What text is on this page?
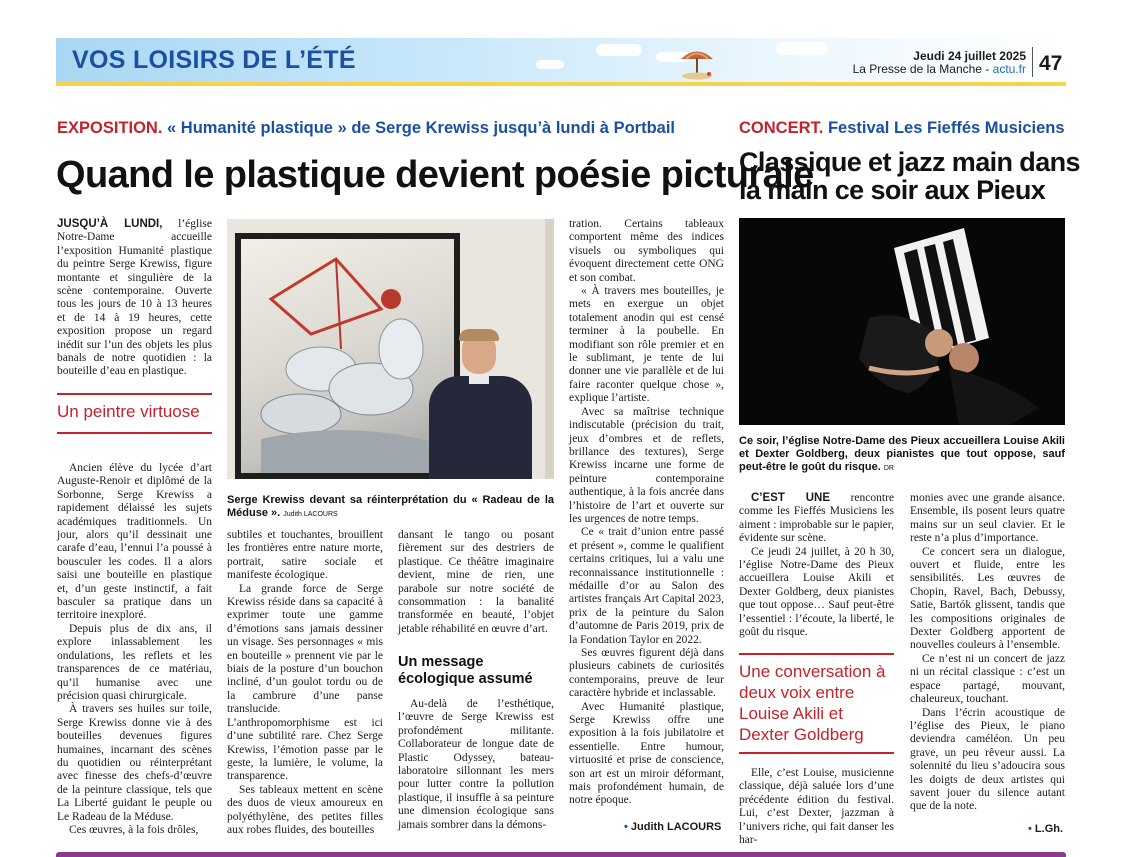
VOS LOISIRS DE L’ÉTÉ	Jeudi 24 juillet 2025
La Presse de la Manche - actu.fr 47
EXPOSITION. « Humanité plastique » de Serge Krewiss jusqu’à lundi à Portbail
Quand le plastique devient poésie picturale

JUSQU’À LUNDI, l’église Notre-Dame accueille l’exposition Humanité plastique du peintre Serge Krewiss, figure montante et singulière de la scène contemporaine. Ouverte tous les jours de 10 à 13 heures et de 14 à 19 heures, cette exposition propose un regard inédit sur l’un des objets les plus banals de notre quotidien : la bouteille d’eau en plastique.

Un peintre virtuose

Ancien élève du lycée d’art Auguste-Renoir et diplômé de la Sorbonne, Serge Krewiss a rapidement délaissé les sujets académiques traditionnels. Un jour, alors qu’il dessinait une carafe d’eau, l’ennui l’a poussé à bousculer les codes. Il a alors saisi une bouteille en plastique et, d’un geste instinctif, a fait basculer sa pratique dans un territoire inexploré.

Depuis plus de dix ans, il explore inlassablement les ondulations, les reflets et les transparences de ce matériau, qu’il humanise avec une précision quasi chirurgicale.

À travers ses huiles sur toile, Serge Krewiss donne vie à des bouteilles devenues figures humaines, incarnant des scènes du quotidien ou réinterprétant avec finesse des chefs-d’œuvre de la peinture classique, tels que La Liberté guidant le peuple ou Le Radeau de la Méduse.

Ces œuvres, à la fois drôles,

Serge Krewiss devant sa réinterprétation du « Radeau de la Méduse ». Judith LACOURS

subtiles et touchantes, brouillent les frontières entre nature morte, portrait, satire sociale et manifeste écologique.

La grande force de Serge Krewiss réside dans sa capacité à exprimer toute une gamme d’émotions sans jamais dessiner un visage. Ses personnages « mis en bouteille » prennent vie par le biais de la posture d’un bouchon incliné, d’un goulot tordu ou de la cambrure d’une panse translucide. L’anthropomorphisme est ici d’une subtilité rare. Chez Serge Krewiss, l’émotion passe par le geste, la lumière, le volume, la transparence.

Ses tableaux mettent en scène des duos de vieux amoureux en polyéthylène, des petites filles aux robes fluides, des bouteilles

dansant le tango ou posant fièrement sur des destriers de plastique. Ce théâtre imaginaire devient, mine de rien, une parabole sur notre société de consommation : la banalité transformée en beauté, l’objet jetable réhabilité en œuvre d’art.

Un message écologique assumé

Au-delà de l’esthétique, l’œuvre de Serge Krewiss est profondément militante. Collaborateur de longue date de Plastic Odyssey, bateau-laboratoire sillonnant les mers pour lutter contre la pollution plastique, il insuffle à sa peinture une dimension écologique sans jamais sombrer dans la démons-

tration. Certains tableaux comportent même des indices visuels ou symboliques qui évoquent directement cette ONG et son combat.

« À travers mes bouteilles, je mets en exergue un objet totalement anodin qui est censé terminer à la poubelle. En modifiant son rôle premier et en le sublimant, je tente de lui donner une vie parallèle et de lui faire raconter quelque chose », explique l’artiste.

Avec sa maîtrise technique indiscutable (précision du trait, jeux d’ombres et de reflets, brillance des textures), Serge Krewiss incarne une forme de peinture contemporaine authentique, à la fois ancrée dans l’histoire de l’art et ouverte sur les urgences de notre temps.

Ce « trait d’union entre passé et présent », comme le qualifient certains critiques, lui a valu une reconnaissance institutionnelle : médaille d’or au Salon des artistes français Art Capital 2023, prix de la peinture du Salon d’automne de Paris 2019, prix de la Fondation Taylor en 2022.

Ses œuvres figurent déjà dans plusieurs cabinets de curiosités contemporains, preuve de leur caractère hybride et inclassable.

Avec Humanité plastique, Serge Krewiss offre une exposition à la fois jubilatoire et essentielle. Entre humour, virtuosité et prise de conscience, son art est un miroir déformant, mais profondément humain, de notre époque.

• Judith LACOURS
CONCERT. Festival Les Fieffés Musiciens
Classique et jazz main dans
la main ce soir aux Pieux
Ce soir, l’église Notre-Dame des Pieux accueillera Louise Akili et Dexter Goldberg, deux pianistes que tout oppose, sauf peut-être le goût du risque. DR

C’EST UNE rencontre comme les Fieffés Musiciens les aiment : improbable sur le papier, évidente sur scène.

Ce jeudi 24 juillet, à 20 h 30, l’église Notre-Dame des Pieux accueillera Louise Akili et Dexter Goldberg, deux pianistes que tout oppose… Sauf peut-être l’essentiel : l’écoute, la liberté, le goût du risque.

Une conversation à deux voix entre Louise Akili et Dexter Goldberg

Elle, c’est Louise, musicienne classique, déjà saluée lors d’une précédente édition du festival. Lui, c’est Dexter, jazzman à l’univers riche, qui fait danser les har-

monies avec une grande aisance. Ensemble, ils posent leurs quatre mains sur un seul clavier. Et le reste n’a plus d’importance.

Ce concert sera un dialogue, ouvert et fluide, entre les sensibilités. Les œuvres de Chopin, Ravel, Bach, Debussy, Satie, Bartók glissent, tandis que les compositions originales de Dexter Goldberg apportent de nouvelles couleurs à l’ensemble.

Ce n’est ni un concert de jazz ni un récital classique : c’est un espace partagé, mouvant, chaleureux, touchant.

Dans l’écrin acoustique de l’église des Pieux, le piano deviendra caméléon. Un peu grave, un peu rêveur aussi. La solennité du lieu s’adoucira sous les doigts de deux artistes qui savent jouer du silence autant que de la note.

• L.Gh.
